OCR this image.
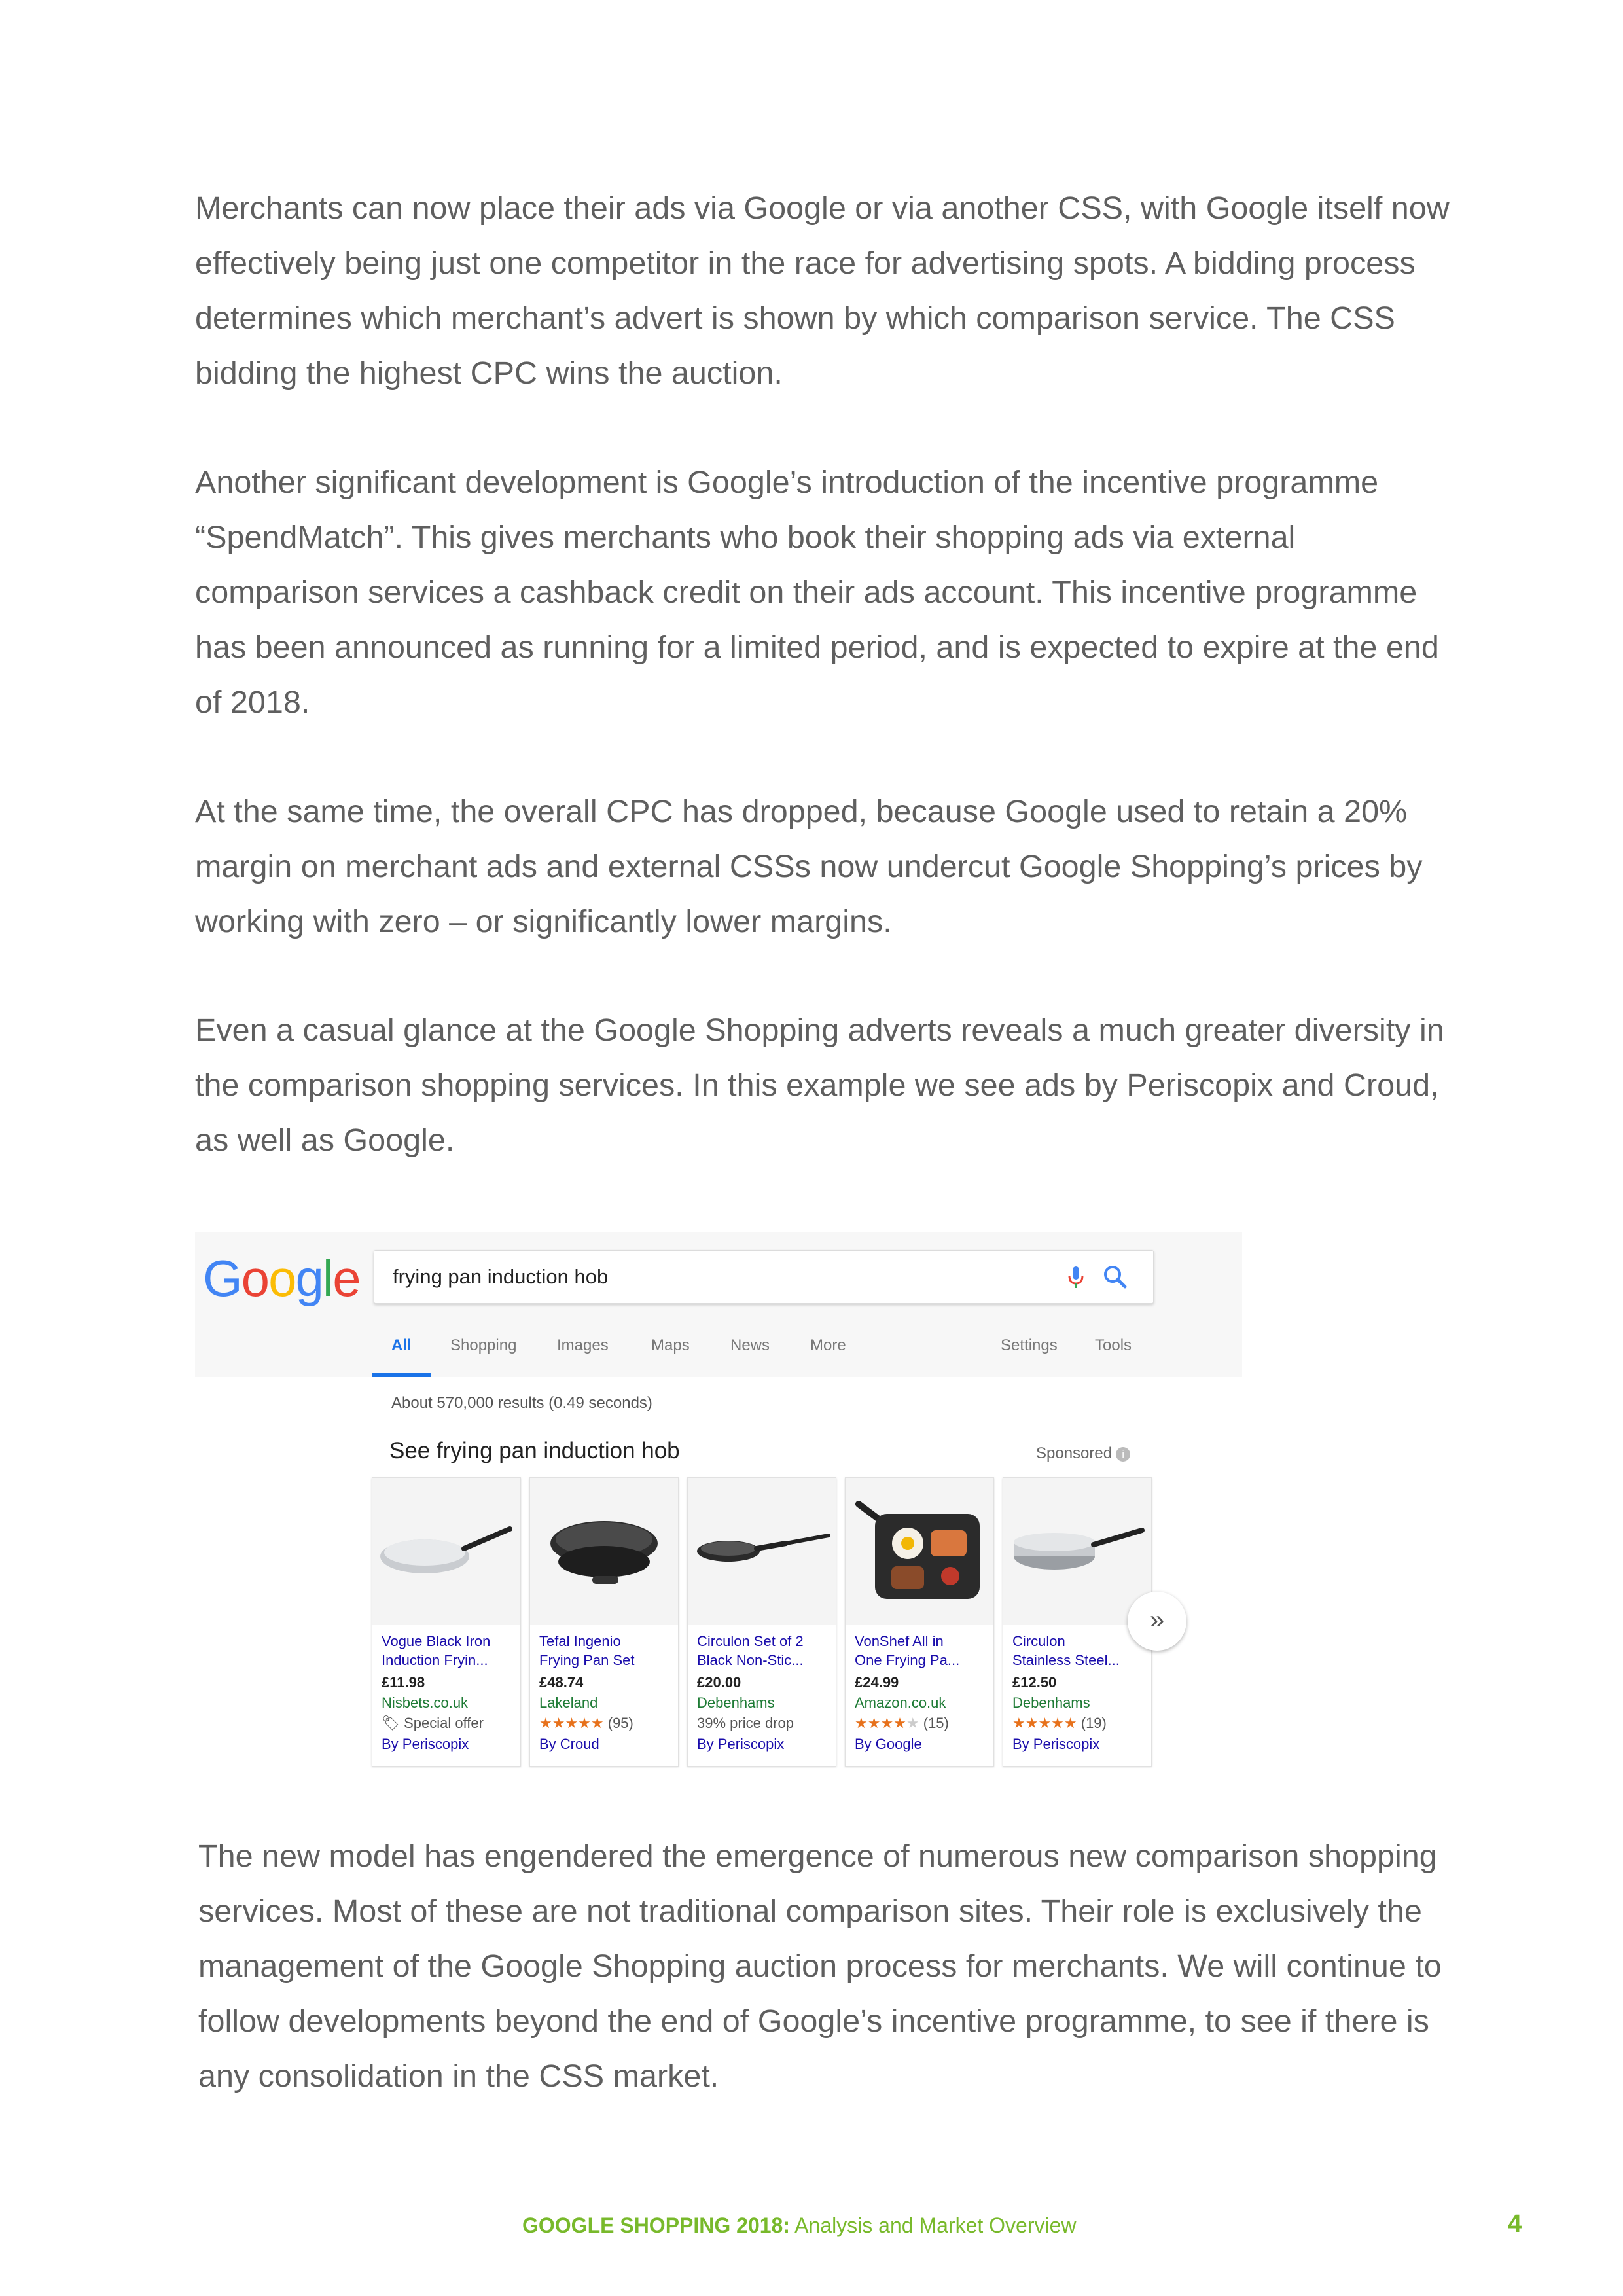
Merchants can now place their ads via Google or via another CSS, with Google itself now effectively being just one competitor in the race for advertising spots. A bidding process determines which merchant’s advert is shown by which comparison service. The CSS bidding the highest CPC wins the auction.

Another significant development is Google’s introduction of the incentive programme “SpendMatch”. This gives merchants who book their shopping ads via external comparison services a cashback credit on their ads account. This incentive programme has been announced as running for a limited period, and is expected to expire at the end of 2018.

At the same time, the overall CPC has dropped, because Google used to retain a 20% margin on merchant ads and external CSSs now undercut Google Shopping’s prices by working with zero – or significantly lower margins.

Even a casual glance at the Google Shopping adverts reveals a much greater diversity in the comparison shopping services. In this example we see ads by Periscopix and Croud, as well as Google.

Google frying pan induction hob
All Shopping	Images	Maps	News	More	Settings Tools
About 570,000 results (0.49 seconds)
See frying pan induction hob	Sponsored i
Vogue Black Iron
Induction Fryin...
£11.98
Nisbets.co.uk
🏷 Special offer
By Periscopix
Tefal Ingenio
Frying Pan Set
£48.74
Lakeland
★★★★★ (95)
By Croud
Circulon Set of 2
Black Non-Stic...
£20.00
Debenhams
39% price drop
By Periscopix
VonShef All in
One Frying Pa...
£24.99
Amazon.co.uk
★★★★★ (15)
By Google
Circulon
Stainless Steel...
£12.50
Debenhams
★★★★★ (19)
By Periscopix
»

The new model has engendered the emergence of numerous new comparison shopping services. Most of these are not traditional comparison sites. Their role is exclusively the management of the Google Shopping auction process for merchants. We will continue to follow developments beyond the end of Google’s incentive programme, to see if there is any consolidation in the CSS market.

GOOGLE SHOPPING 2018: Analysis and Market Overview	4
